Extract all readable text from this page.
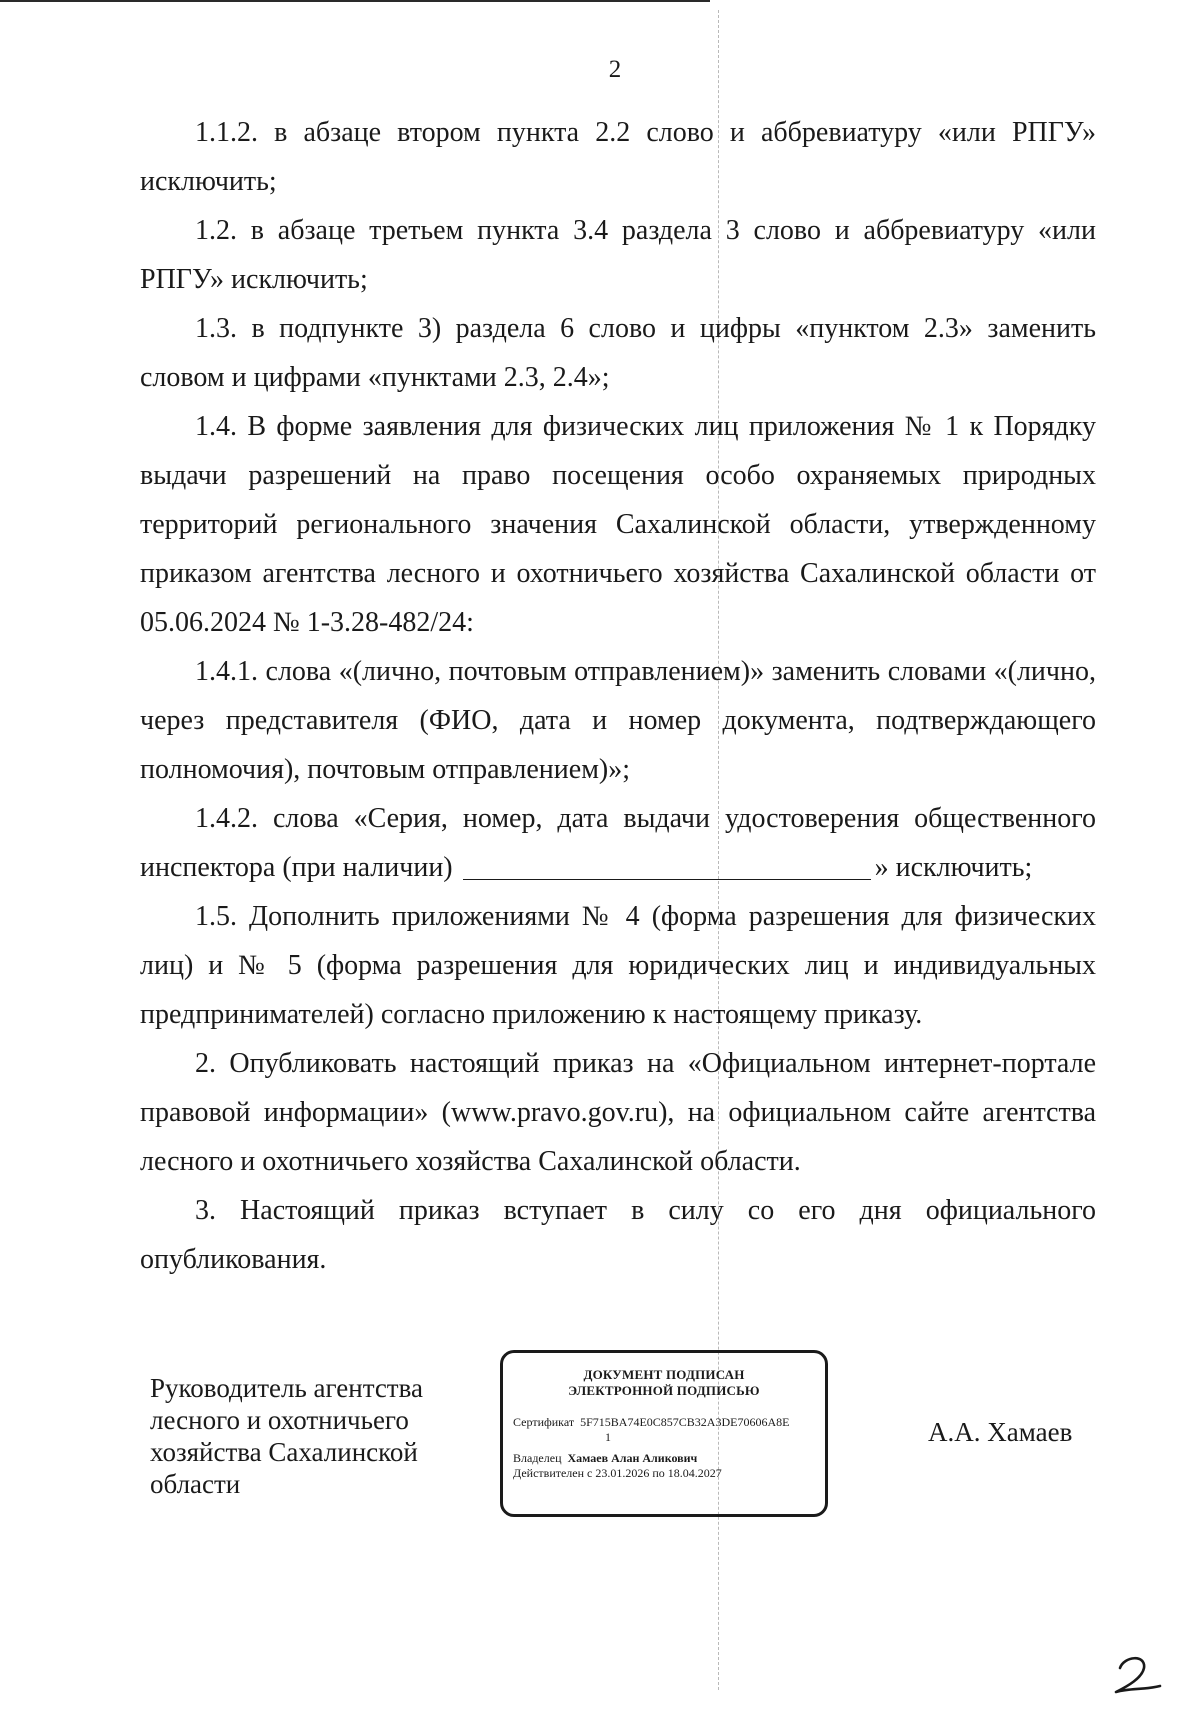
2

1.1.2. в абзаце втором пункта 2.2 слово и аббревиатуру «или РПГУ» исключить;

1.2. в абзаце третьем пункта 3.4 раздела 3 слово и аббревиатуру «или РПГУ» исключить;

1.3. в подпункте 3) раздела 6 слово и цифры «пунктом 2.3» заменить словом и цифрами «пунктами 2.3, 2.4»;

1.4. В форме заявления для физических лиц приложения № 1 к Порядку выдачи разрешений на право посещения особо охраняемых природных территорий регионального значения Сахалинской области, утвержденному приказом агентства лесного и охотничьего хозяйства Сахалинской области от 05.06.2024 № 1-3.28-482/24:

1.4.1. слова «(лично, почтовым отправлением)» заменить словами «(лично, через представителя (ФИО, дата и номер документа, подтверждающего полномочия), почтовым отправлением)»;

1.4.2. слова «Серия, номер, дата выдачи удостоверения общественного инспектора (при наличии)	» исключить;

1.5. Дополнить приложениями № 4 (форма разрешения для физических лиц) и № 5 (форма разрешения для юридических лиц и индивидуальных предпринимателей) согласно приложению к настоящему приказу.

2. Опубликовать настоящий приказ на «Официальном интернет-портале правовой информации» (www.pravo.gov.ru), на официальном сайте агентства лесного и охотничьего хозяйства Сахалинской области.

3. Настоящий приказ вступает в силу со его дня официального опубликования.

Руководитель агентства
лесного и охотничьего
хозяйства Сахалинской
области
ДОКУМЕНТ ПОДПИСАН
ЭЛЕКТРОННОЙ ПОДПИСЬЮ
Сертификат 5F715BA74E0C857CB32A3DE70606A8E
1
Владелец Хамаев Алан Аликович
Действителен с 23.01.2026 по 18.04.2027
А.А. Хамаев
